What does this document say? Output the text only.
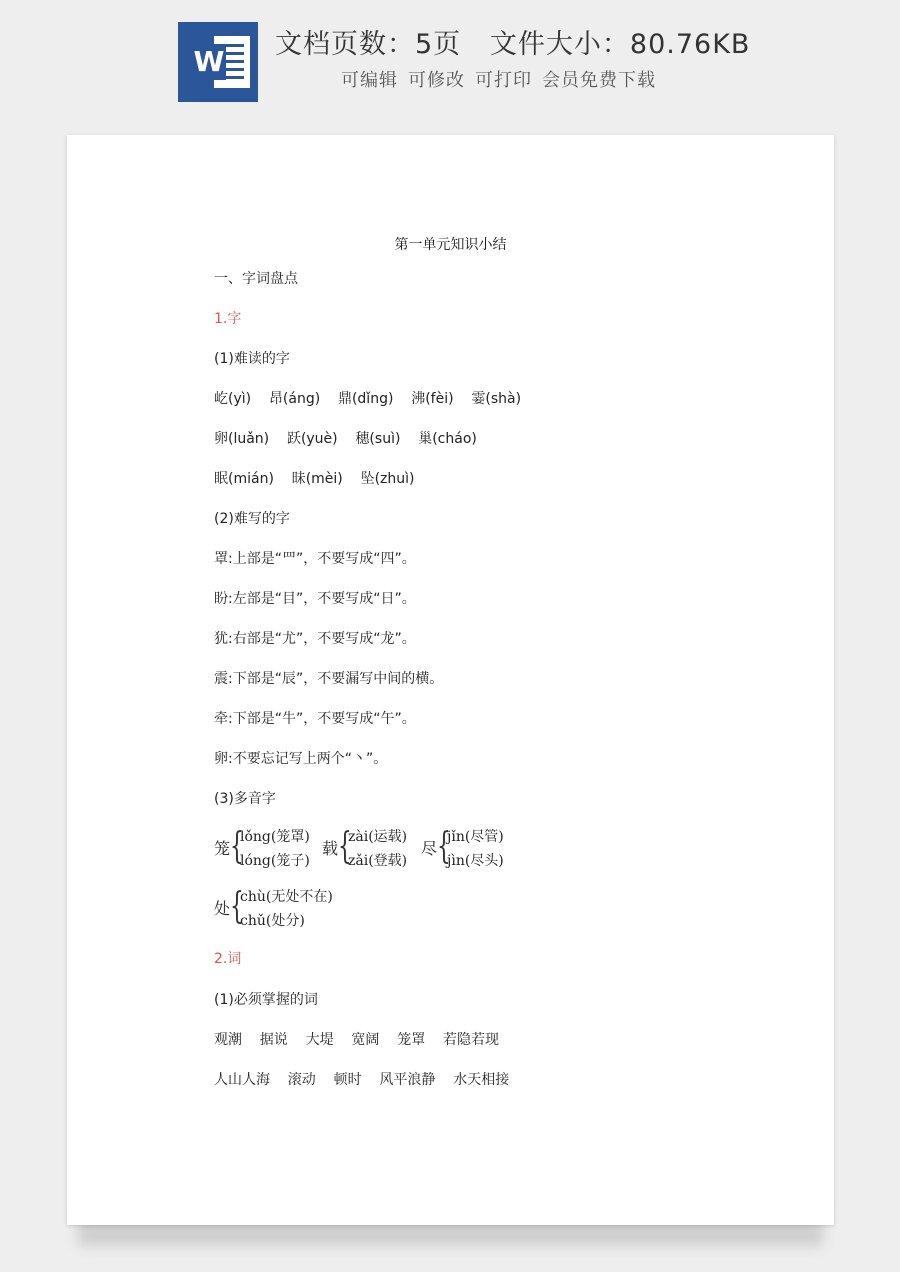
W
文档页数：5页   文件大小：80.76KB
可编辑 可修改 可打印 会员免费下载
第一单元知识小结
一、字词盘点
1.字
(1)难读的字
屹(yì)    昂(áng)    鼎(dǐng)    沸(fèi)    霎(shà)
卵(luǎn)    跃(yuè)    穗(suì)    巢(cháo)
眠(mián)    昧(mèi)    坠(zhuì)
(2)难写的字
罩:上部是“罒”，不要写成“四”。
盼:左部是“目”，不要写成“日”。
犹:右部是“尤”，不要写成“龙”。
震:下部是“辰”，不要漏写中间的横。
牵:下部是“牛”，不要写成“午”。
卵:不要忘记写上两个“丶”。
(3)多音字
笼 {
lǒng(笼罩)
lóng(笼子)
载 {
zài(运载)
zǎi(登载)
尽 {
jǐn(尽管)
jìn(尽头)
处 {
chù(无处不在)
chǔ(处分)
2.词
(1)必须掌握的词
观潮    据说    大堤    宽阔    笼罩    若隐若现
人山人海    滚动    顿时    风平浪静    水天相接
